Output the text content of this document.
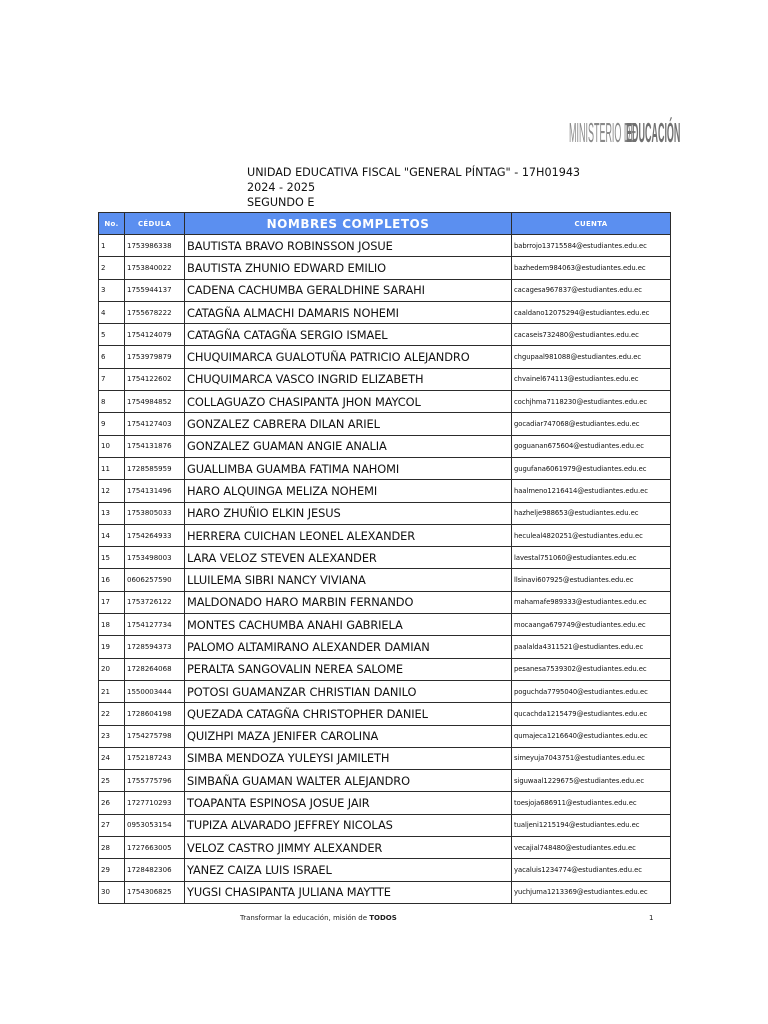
MINISTERIO DE
EDUCACIÓN
UNIDAD EDUCATIVA FISCAL "GENERAL PÍNTAG" - 17H01943
2024 - 2025
SEGUNDO E
No.	CÉDULA	NOMBRES COMPLETOS	CUENTA
1	1753986338	BAUTISTA BRAVO ROBINSSON JOSUE	babrrojo13715584@estudiantes.edu.ec
2	1753840022	BAUTISTA ZHUNIO EDWARD EMILIO	bazhedem984063@estudiantes.edu.ec
3	1755944137	CADENA CACHUMBA GERALDHINE SARAHI	cacagesa967837@estudiantes.edu.ec
4	1755678222	CATAGÑA ALMACHI DAMARIS NOHEMI	caaldano12075294@estudiantes.edu.ec
5	1754124079	CATAGÑA CATAGÑA SERGIO ISMAEL	cacaseis732480@estudiantes.edu.ec
6	1753979879	CHUQUIMARCA GUALOTUÑA PATRICIO ALEJANDRO	chgupaal981088@estudiantes.edu.ec
7	1754122602	CHUQUIMARCA VASCO INGRID ELIZABETH	chvainel674113@estudiantes.edu.ec
8	1754984852	COLLAGUAZO CHASIPANTA JHON MAYCOL	cochjhma7118230@estudiantes.edu.ec
9	1754127403	GONZALEZ CABRERA DILAN ARIEL	gocadiar747068@estudiantes.edu.ec
10	1754131876	GONZALEZ GUAMAN ANGIE ANALIA	goguanan675604@estudiantes.edu.ec
11	1728585959	GUALLIMBA GUAMBA FATIMA NAHOMI	gugufana6061979@estudiantes.edu.ec
12	1754131496	HARO ALQUINGA MELIZA NOHEMI	haalmeno1216414@estudiantes.edu.ec
13	1753805033	HARO ZHUÑIO ELKIN JESUS	hazhelje988653@estudiantes.edu.ec
14	1754264933	HERRERA CUICHAN LEONEL ALEXANDER	heculeal4820251@estudiantes.edu.ec
15	1753498003	LARA VELOZ STEVEN ALEXANDER	lavestal751060@estudiantes.edu.ec
16	0606257590	LLUILEMA SIBRI NANCY VIVIANA	llsinavi607925@estudiantes.edu.ec
17	1753726122	MALDONADO HARO MARBIN FERNANDO	mahamafe989333@estudiantes.edu.ec
18	1754127734	MONTES CACHUMBA ANAHI GABRIELA	mocaanga679749@estudiantes.edu.ec
19	1728594373	PALOMO ALTAMIRANO ALEXANDER DAMIAN	paalalda4311521@estudiantes.edu.ec
20	1728264068	PERALTA SANGOVALIN NEREA SALOME	pesanesa7539302@estudiantes.edu.ec
21	1550003444	POTOSI GUAMANZAR CHRISTIAN DANILO	poguchda7795040@estudiantes.edu.ec
22	1728604198	QUEZADA CATAGÑA CHRISTOPHER DANIEL	qucachda1215479@estudiantes.edu.ec
23	1754275798	QUIZHPI MAZA JENIFER CAROLINA	qumajeca1216640@estudiantes.edu.ec
24	1752187243	SIMBA MENDOZA YULEYSI JAMILETH	simeyuja7043751@estudiantes.edu.ec
25	1755775796	SIMBAÑA GUAMAN WALTER ALEJANDRO	siguwaal1229675@estudiantes.edu.ec
26	1727710293	TOAPANTA ESPINOSA JOSUE JAIR	toesjoja686911@estudiantes.edu.ec
27	0953053154	TUPIZA ALVARADO JEFFREY NICOLAS	tualjeni1215194@estudiantes.edu.ec
28	1727663005	VELOZ CASTRO JIMMY ALEXANDER	vecajial748480@estudiantes.edu.ec
29	1728482306	YANEZ CAIZA LUIS ISRAEL	yacaluis1234774@estudiantes.edu.ec
30	1754306825	YUGSI CHASIPANTA JULIANA MAYTTE	yuchjuma1213369@estudiantes.edu.ec
Transformar la educación, misión de TODOS	1
